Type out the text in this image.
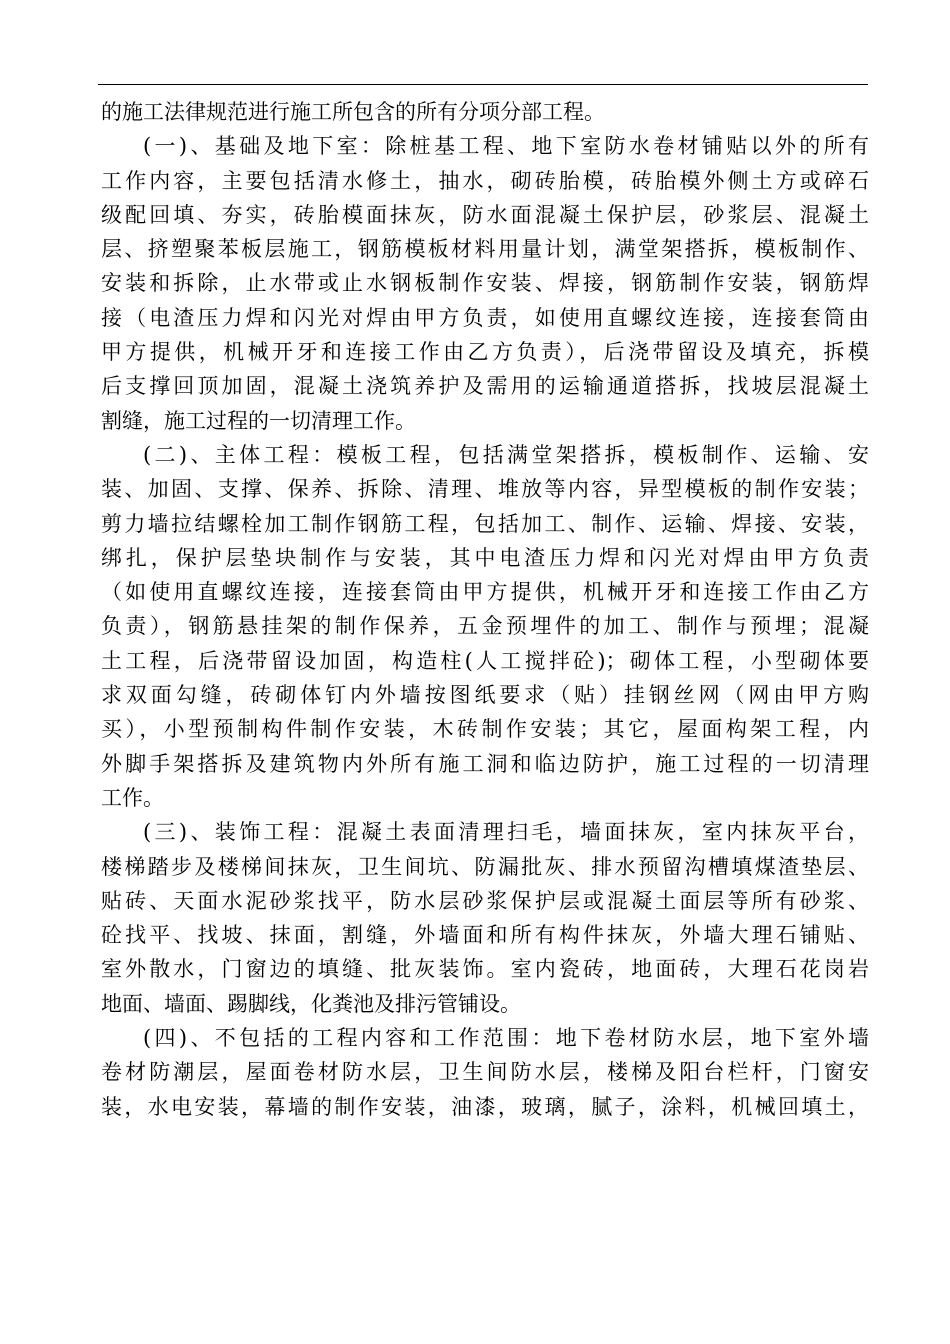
的施工法律规范进行施工所包含的所有分项分部工程。

(一)、基础及地下室：除桩基工程、地下室防水卷材铺贴以外的所有
工作内容，主要包括清水修土，抽水，砌砖胎模，砖胎模外侧土方或碎石
级配回填、夯实，砖胎模面抹灰，防水面混凝土保护层，砂浆层、混凝土
层、挤塑聚苯板层施工，钢筋模板材料用量计划，满堂架搭拆，模板制作、
安装和拆除，止水带或止水钢板制作安装、焊接，钢筋制作安装，钢筋焊
接（电渣压力焊和闪光对焊由甲方负责，如使用直螺纹连接，连接套筒由
甲方提供，机械开牙和连接工作由乙方负责），后浇带留设及填充，拆模
后支撑回顶加固，混凝土浇筑养护及需用的运输通道搭拆，找坡层混凝土
割缝，施工过程的一切清理工作。

(二)、主体工程：模板工程，包括满堂架搭拆，模板制作、运输、安
装、加固、支撑、保养、拆除、清理、堆放等内容，异型模板的制作安装；
剪力墙拉结螺栓加工制作钢筋工程，包括加工、制作、运输、焊接、安装，
绑扎，保护层垫块制作与安装，其中电渣压力焊和闪光对焊由甲方负责
（如使用直螺纹连接，连接套筒由甲方提供，机械开牙和连接工作由乙方
负责），钢筋悬挂架的制作保养，五金预埋件的加工、制作与预埋；混凝
土工程，后浇带留设加固，构造柱(人工搅拌砼)；砌体工程，小型砌体要
求双面勾缝，砖砌体钉内外墙按图纸要求（贴）挂钢丝网（网由甲方购
买），小型预制构件制作安装，木砖制作安装；其它，屋面构架工程，内
外脚手架搭拆及建筑物内外所有施工洞和临边防护，施工过程的一切清理
工作。

(三)、装饰工程：混凝土表面清理扫毛，墙面抹灰，室内抹灰平台，
楼梯踏步及楼梯间抹灰，卫生间坑、防漏批灰、排水预留沟槽填煤渣垫层、
贴砖、天面水泥砂浆找平，防水层砂浆保护层或混凝土面层等所有砂浆、
砼找平、找坡、抹面，割缝，外墙面和所有构件抹灰，外墙大理石铺贴、
室外散水，门窗边的填缝、批灰装饰。室内瓷砖，地面砖，大理石花岗岩
地面、墙面、踢脚线，化粪池及排污管铺设。

(四)、不包括的工程内容和工作范围：地下卷材防水层，地下室外墙
卷材防潮层，屋面卷材防水层，卫生间防水层，楼梯及阳台栏杆，门窗安
装，水电安装，幕墙的制作安装，油漆，玻璃，腻子，涂料，机械回填土，
